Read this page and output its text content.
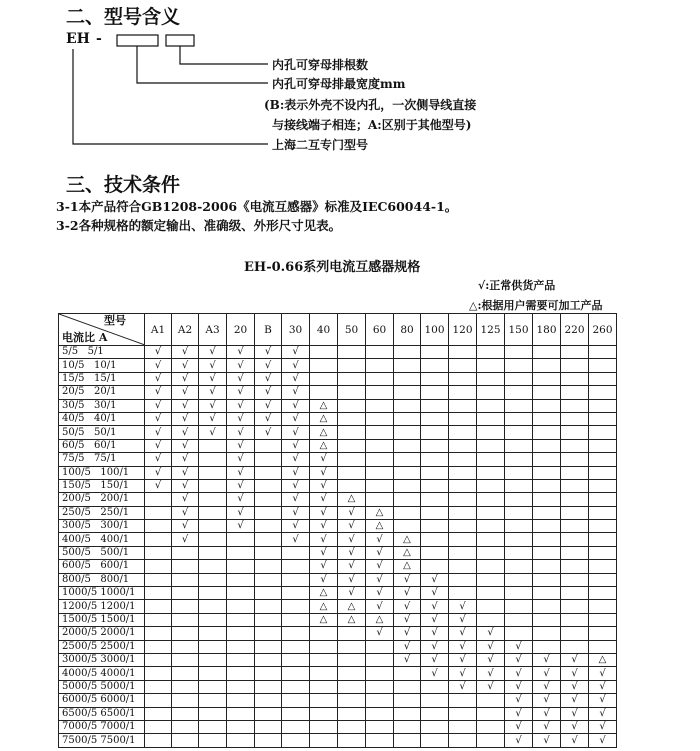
二、型号含义
EH -
内孔可穿母排根数
内孔可穿母排最宽度mm
(B:表示外壳不设内孔，一次侧导线直接
与接线端子相连；A:区别于其他型号)
上海二互专门型号
三、技术条件
3-1本产品符合GB1208-2006《电流互感器》标准及IEC60044-1。
3-2各种规格的额定输出、准确级、外形尺寸见表。
EH-0.66系列电流互感器规格
√:正常供货产品
△:根据用户需要可加工产品
型号
电流比 A	A1	A2	A3	20	B	30	40	50	60	80	100	120	125	150	180	220	260
5/5   5/1	√	√	√	√	√	√											
10/5   10/1	√	√	√	√	√	√											
15/5   15/1	√	√	√	√	√	√											
20/5   20/1	√	√	√	√	√	√											
30/5   30/1	√	√	√	√	√	√	△										
40/5   40/1	√	√	√	√	√	√	△										
50/5   50/1	√	√	√	√	√	√	△										
60/5   60/1	√	√		√		√	△										
75/5   75/1	√	√		√		√	√										
100/5   100/1	√	√		√		√	√										
150/5   150/1	√	√		√		√	√										
200/5   200/1		√		√		√	√	△									
250/5   250/1		√		√		√	√	√	△								
300/5   300/1		√		√		√	√	√	△								
400/5   400/1		√				√	√	√	√	△							
500/5   500/1							√	√	√	△							
600/5   600/1							√	√	√	△							
800/5   800/1							√	√	√	√	√						
1000/5 1000/1							△	√	√	√	√						
1200/5 1200/1							△	△	√	√	√	√					
1500/5 1500/1							△	△	△	√	√	√					
2000/5 2000/1									√	√	√	√	√				
2500/5 2500/1										√	√	√	√	√			
3000/5 3000/1										√	√	√	√	√	√	√	△
4000/5 4000/1											√	√	√	√	√	√	√
5000/5 5000/1												√	√	√	√	√	√
6000/5 6000/1														√	√	√	√
6500/5 6500/1														√	√	√	√
7000/5 7000/1														√	√	√	√
7500/5 7500/1														√	√	√	√
